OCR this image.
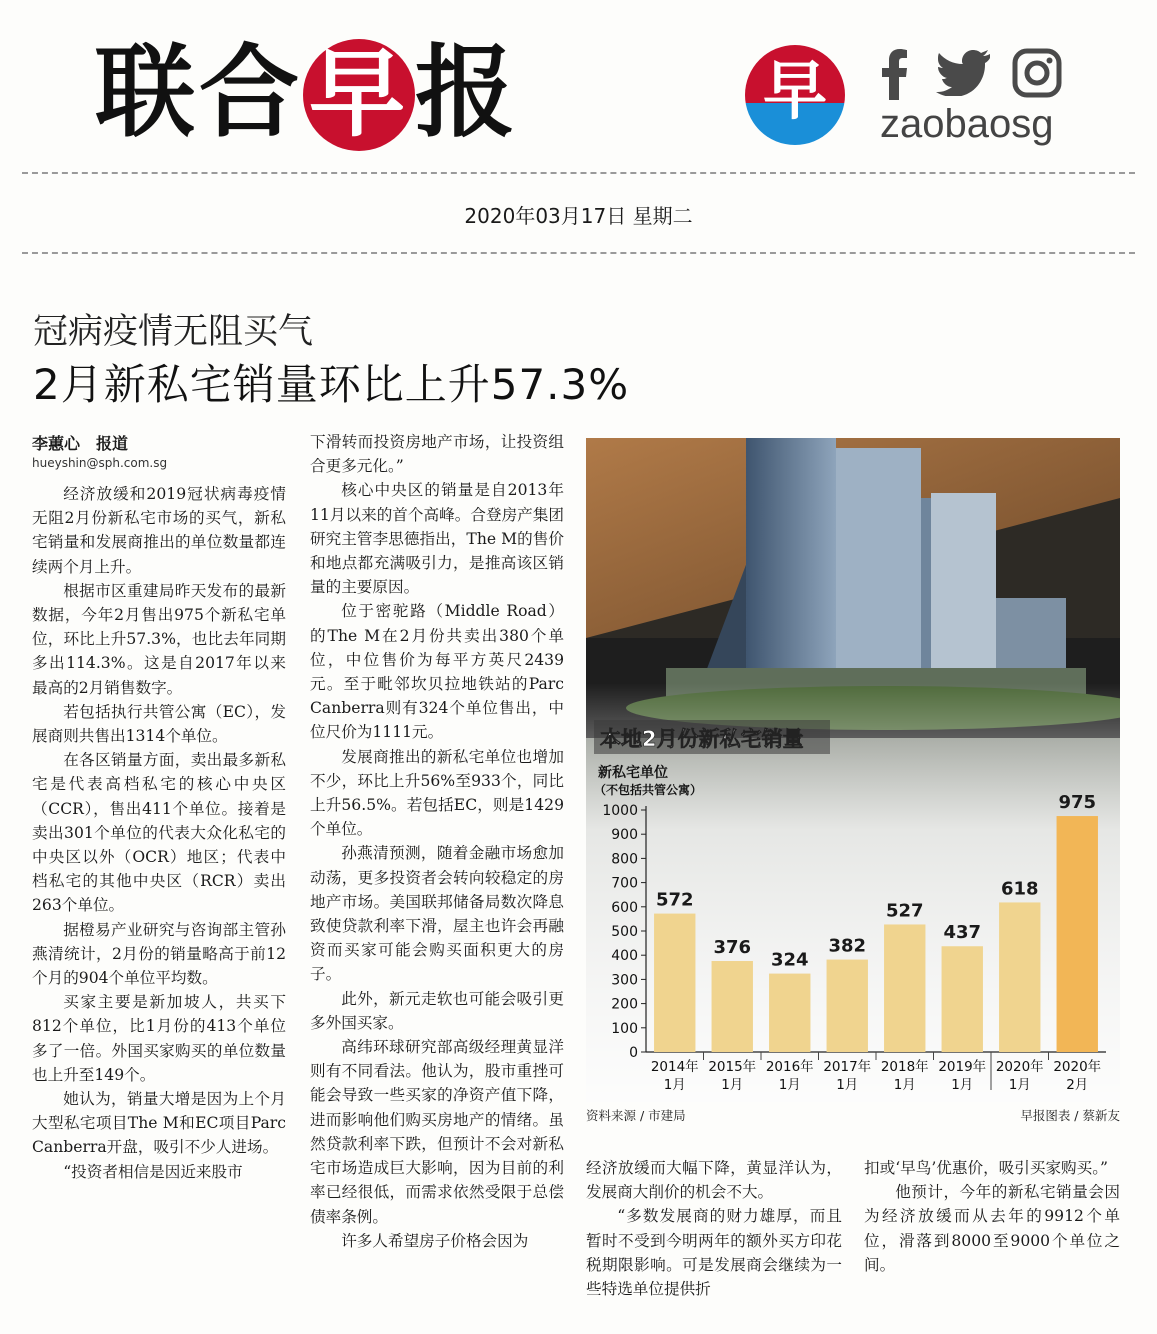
联合早报	早	zaobaosg
2020年03月17日 星期二
冠病疫情无阻买气
2月新私宅销量环比上升57.3%
李蕙心　报道
hueyshin@sph.com.sg

经济放缓和2019冠状病毒疫情无阻2月份新私宅市场的买气，新私宅销量和发展商推出的单位数量都连续两个月上升。

根据市区重建局昨天发布的最新数据，今年2月售出975个新私宅单位，环比上升57.3%，也比去年同期多出114.3%。这是自2017年以来最高的2月销售数字。

若包括执行共管公寓（EC），发展商则共售出1314个单位。

在各区销量方面，卖出最多新私宅是代表高档私宅的核心中央区（CCR），售出411个单位。接着是卖出301个单位的代表大众化私宅的中央区以外（OCR）地区；代表中档私宅的其他中央区（RCR）卖出263个单位。

据橙易产业研究与咨询部主管孙燕清统计，2月份的销量略高于前12个月的904个单位平均数。

买家主要是新加坡人，共买下812个单位，比1月份的413个单位多了一倍。外国买家购买的单位数量也上升至149个。

她认为，销量大增是因为上个月大型私宅项目The M和EC项目Parc Canberra开盘，吸引不少人进场。

“投资者相信是因近来股市

下滑转而投资房地产市场，让投资组合更多元化。”

核心中央区的销量是自2013年11月以来的首个高峰。合登房产集团研究主管李思德指出，The M的售价和地点都充满吸引力，是推高该区销量的主要原因。

位于密驼路（Middle Road）的The M在2月份共卖出380个单位，中位售价为每平方英尺2439元。至于毗邻坎贝拉地铁站的Parc Canberra则有324个单位售出，中位尺价为1111元。

发展商推出的新私宅单位也增加不少，环比上升56%至933个，同比上升56.5%。若包括EC，则是1429个单位。

孙燕清预测，随着金融市场愈加动荡，更多投资者会转向较稳定的房地产市场。美国联邦储备局数次降息致使贷款利率下滑，屋主也许会再融资而买家可能会购买面积更大的房子。

此外，新元走软也可能会吸引更多外国买家。

高纬环球研究部高级经理黄显洋则有不同看法。他认为，股市重挫可能会导致一些买家的净资产值下降，进而影响他们购买房地产的情绪。虽然贷款利率下跌，但预计不会对新私宅市场造成巨大影响，因为目前的利率已经很低，而需求依然受限于总偿债率条例。

许多人希望房子价格会因为

本地2月份新私宅销量
新私宅单位
（不包括共管公寓）
0
100
200
300
400
500
600
700
800
900
1000
572
2014年
1月
376
2015年
1月
324
2016年
1月
382
2017年
1月
527
2018年
1月
437
2019年
1月
618
2020年
1月
975
2020年
2月
资料来源 / 市建局	早报图表 / 蔡新友

经济放缓而大幅下降，黄显洋认为，发展商大削价的机会不大。

“多数发展商的财力雄厚，而且暂时不受到今明两年的额外买方印花税期限影响。可是发展商会继续为一些特选单位提供折

扣或‘早鸟’优惠价，吸引买家购买。”

他预计，今年的新私宅销量会因为经济放缓而从去年的9912个单位，滑落到8000至9000个单位之间。
